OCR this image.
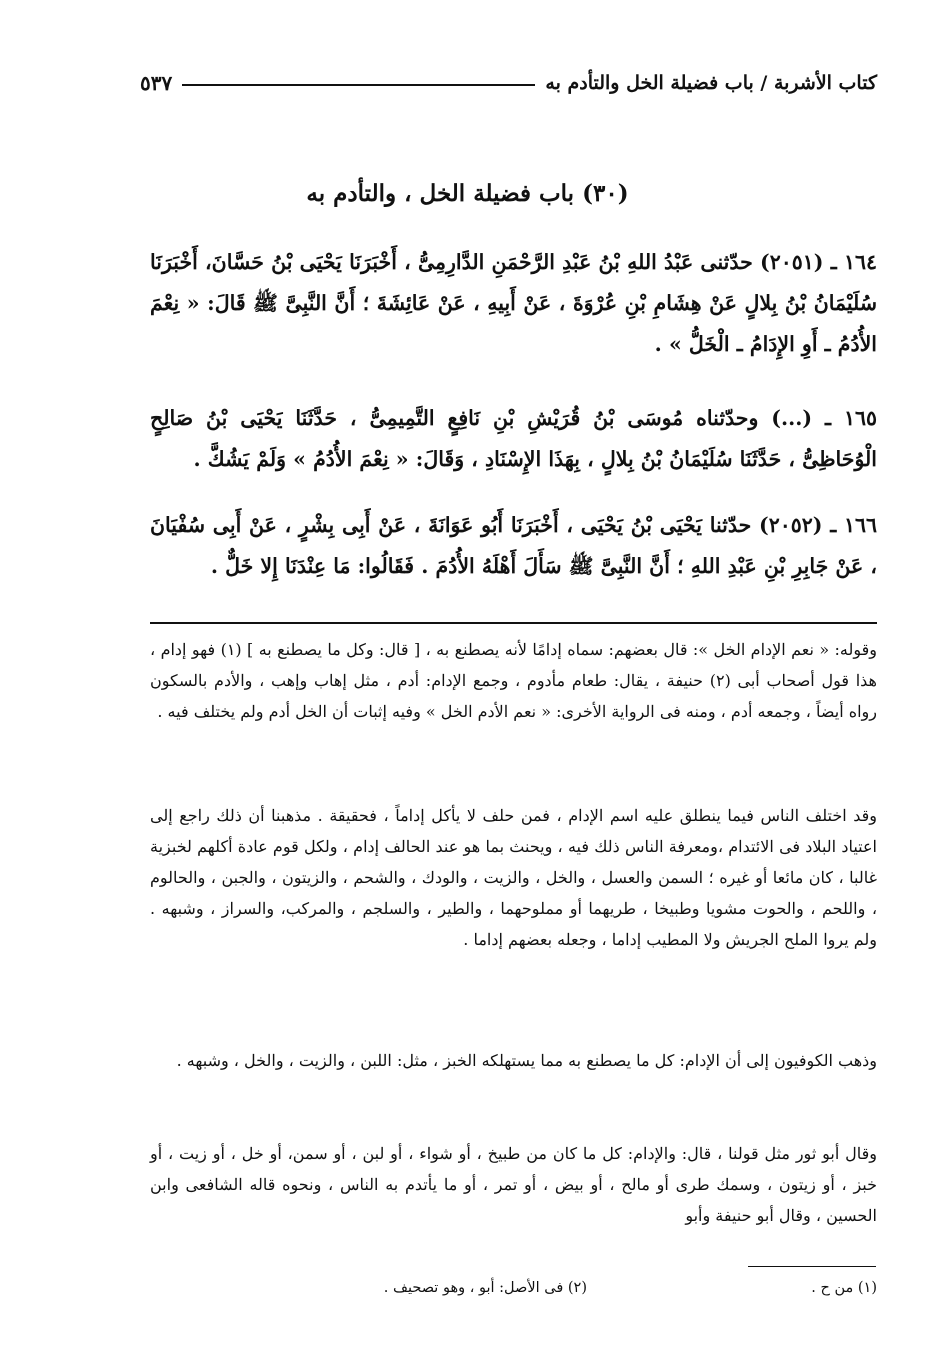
كتاب الأشربة / باب فضيلة الخل والتأدم به
٥٣٧
(٣٠) باب فضيلة الخل ، والتأدم به

١٦٤ ـ (٢٠٥١) حدّثنى عَبْدُ اللهِ بْنُ عَبْدِ الرَّحْمَنِ الدَّارِمِىُّ ، أَخْبَرَنَا يَحْيَى بْنُ حَسَّانَ، أَخْبَرَنَا سُلَيْمَانُ بْنُ بِلالٍ عَنْ هِشَامِ بْنِ عُرْوَةَ ، عَنْ أَبِيهِ ، عَنْ عَائِشَةَ ؛ أَنَّ النَّبِىَّ ﷺ قَالَ: « نِعْمَ الأُدُمُ ـ أَوِ الإِدَامُ ـ الْخَلُّ » .

١٦٥ ـ (...) وحدّثناه مُوسَى بْنُ قُرَيْشِ بْنِ نَافِعٍ التَّمِيمِىُّ ، حَدَّثَنَا يَحْيَى بْنُ صَالِحٍ الْوُحَاظِىُّ ، حَدَّثَنَا سُلَيْمَانُ بْنُ بِلالٍ ، بِهَذَا الإِسْنَادِ ، وَقَالَ: « نِعْمَ الأُدُمُ » وَلَمْ يَشُكَّ .

١٦٦ ـ (٢٠٥٢) حدّثنا يَحْيَى بْنُ يَحْيَى ، أَخْبَرَنَا أَبُو عَوَانَةَ ، عَنْ أَبِى بِشْرٍ ، عَنْ أَبِى سُفْيَانَ ، عَنْ جَابِرِ بْنِ عَبْدِ اللهِ ؛ أَنَّ النَّبِىَّ ﷺ سَأَلَ أَهْلَهُ الأُدُمَ . فَقَالُوا: مَا عِنْدَنَا إِلا خَلٌّ .

وقوله: « نعم الإدام الخل »: قال بعضهم: سماه إدامًا لأنه يصطنع به ، [ قال: وكل ما يصطنع به ] (١) فهو إدام ، هذا قول أصحاب أبى (٢) حنيفة ، يقال: طعام مأدوم ، وجمع الإدام: أدم ، مثل إهاب وإهب ، والأدم بالسكون رواه أيضاً ، وجمعه أدم ، ومنه فى الرواية الأخرى: « نعم الأدم الخل » وفيه إثبات أن الخل أدم ولم يختلف فيه .

وقد اختلف الناس فيما ينطلق عليه اسم الإدام ، فمن حلف لا يأكل إداماً ، فحقيقة . مذهبنا أن ذلك راجع إلى اعتياد البلاد فى الائتدام ،ومعرفة الناس ذلك فيه ، ويحنث بما هو عند الحالف إدام ، ولكل قوم عادة أكلهم لخبزية غالبا ، كان مائعا أو غيره ؛ السمن والعسل ، والخل ، والزيت ، والودك ، والشحم ، والزيتون ، والجبن ، والحالوم ، واللحم ، والحوت مشويا وطبيخا ، طريهما أو مملوحهما ، والطير ، والسلجم ، والمركب، والسراز ، وشبهه . ولم يروا الملح الجريش ولا المطيب إداما ، وجعله بعضهم إداما .

وذهب الكوفيون إلى أن الإدام: كل ما يصطنع به مما يستهلكه الخبز ، مثل: اللبن ، والزيت ، والخل ، وشبهه .

وقال أبو ثور مثل قولنا ، قال: والإدام: كل ما كان من طبيخ ، أو شواء ، أو لبن ، أو سمن، أو خل ، أو زيت ، أو خبز ، أو زيتون ، وسمك طرى أو مالح ، أو بيض ، أو تمر ، أو ما يأتدم به الناس ، ونحوه قاله الشافعى وابن الحسين ، وقال أبو حنيفة وأبو

(١) من ح .
(٢) فى الأصل: أبو ، وهو تصحيف .
